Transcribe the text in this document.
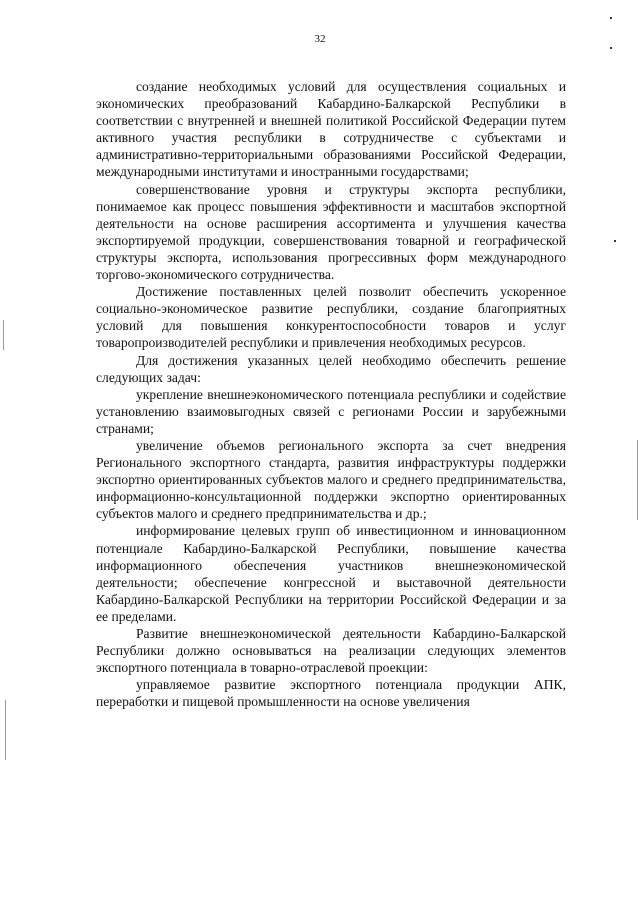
32

создание необходимых условий для осуществления социальных и экономических преобразований Кабардино-Балкарской Республики в соответствии с внутренней и внешней политикой Российской Федерации путем активного участия республики в сотрудничестве с субъектами и административно-территориальными образованиями Российской Федерации, международными институтами и иностранными государствами;

совершенствование уровня и структуры экспорта республики, понимаемое как процесс повышения эффективности и масштабов экспортной деятельности на основе расширения ассортимента и улучшения качества экспортируемой продукции, совершенствования товарной и географической структуры экспорта, использования прогрессивных форм международного торгово-экономического сотрудничества.

Достижение поставленных целей позволит обеспечить ускоренное социально-экономическое развитие республики, создание благоприятных условий для повышения конкурентоспособности товаров и услуг товаропроизводителей республики и привлечения необходимых ресурсов.

Для достижения указанных целей необходимо обеспечить решение следующих задач:

укрепление внешнеэкономического потенциала республики и содействие установлению взаимовыгодных связей с регионами России и зарубежными странами;

увеличение объемов регионального экспорта за счет внедрения Регионального экспортного стандарта, развития инфраструктуры поддержки экспортно ориентированных субъектов малого и среднего предпринимательства, информационно-консультационной поддержки экспортно ориентированных субъектов малого и среднего предпринимательства и др.;

информирование целевых групп об инвестиционном и инновационном потенциале Кабардино-Балкарской Республики, повышение качества информационного обеспечения участников внешнеэкономической деятельности; обеспечение конгрессной и выставочной деятельности Кабардино-Балкарской Республики на территории Российской Федерации и за ее пределами.

Развитие внешнеэкономической деятельности Кабардино-Балкарской Республики должно основываться на реализации следующих элементов экспортного потенциала в товарно-отраслевой проекции:

управляемое развитие экспортного потенциала продукции АПК, переработки и пищевой промышленности на основе увеличения
